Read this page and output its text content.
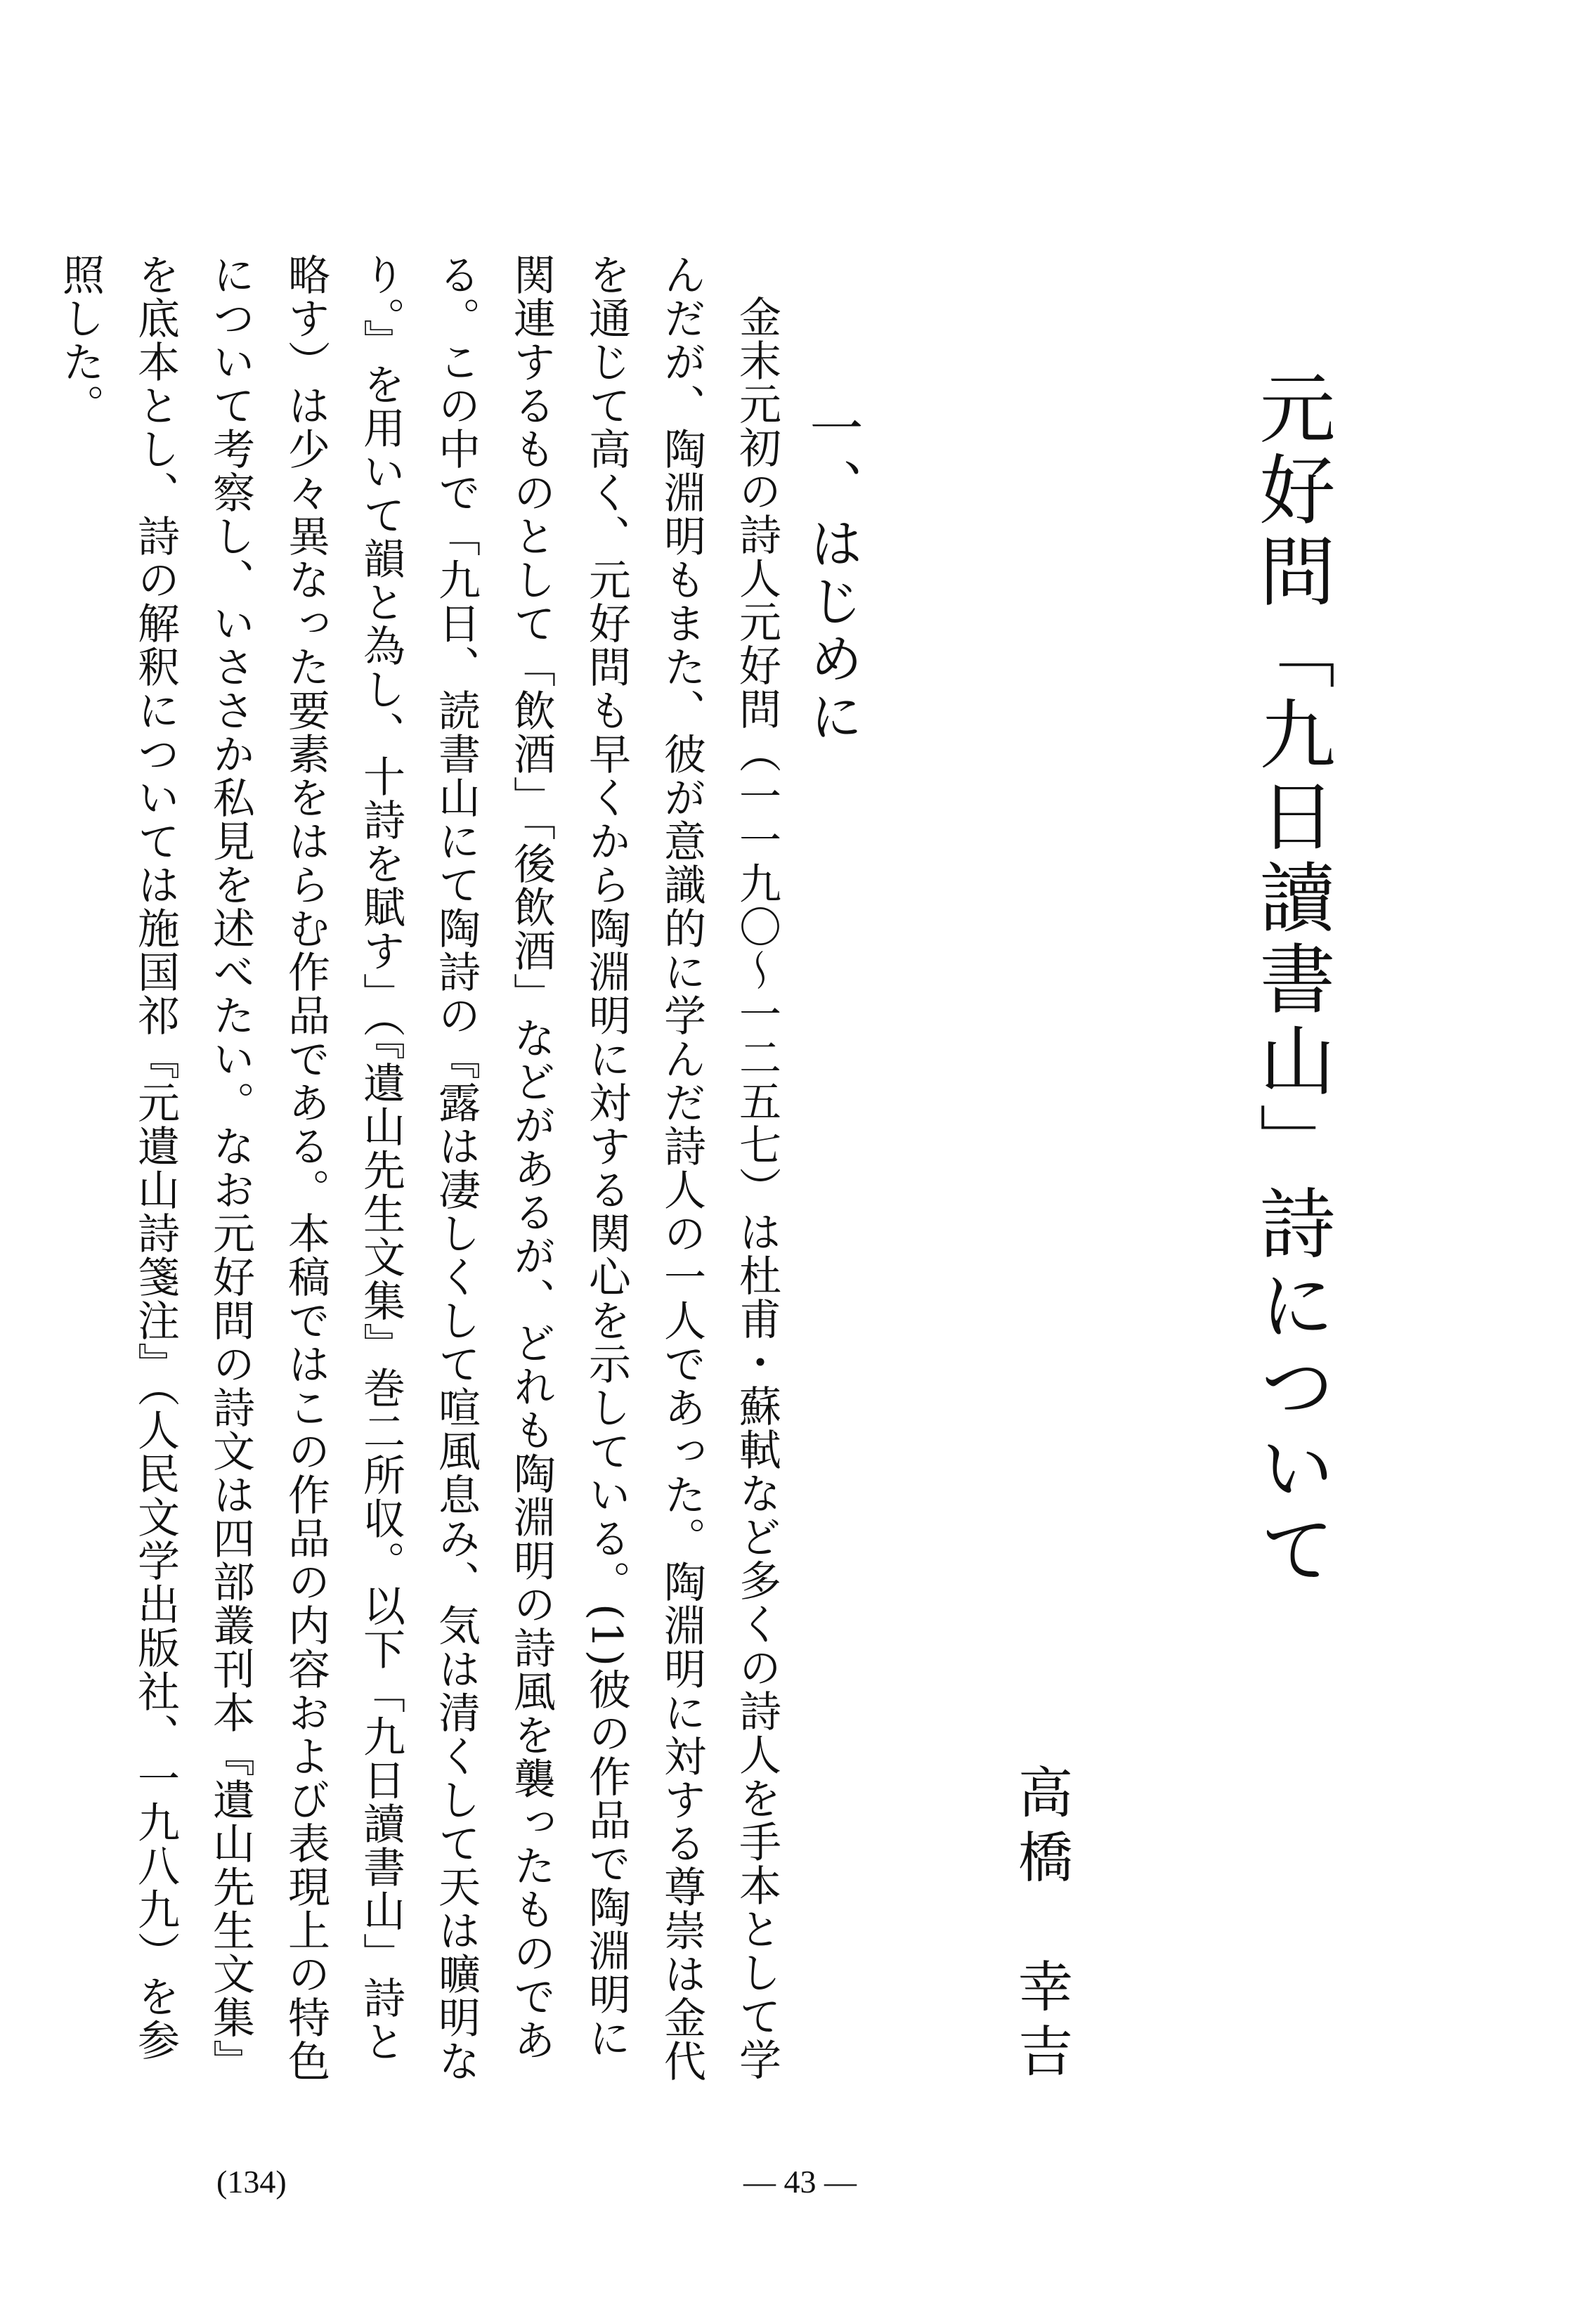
元好問「九日讀書山」詩について
高橋　幸吉
一、はじめに

金末元初の詩人元好問（一一九〇～一二五七）は杜甫・蘇軾など多くの詩人を手本として学んだが、陶淵明もまた、彼が意識的に学んだ詩人の一人であった。陶淵明に対する尊崇は金代を通じて高く、元好問も早くから陶淵明に対する関心を示している。(1)彼の作品で陶淵明に関連するものとして「飲酒」「後飲酒」などがあるが、どれも陶淵明の詩風を襲ったものである。この中で「九日、読書山にて陶詩の『露は凄しくして喧風息み、気は清くして天は曠明なり。』を用いて韻と為し、十詩を賦す」（『遺山先生文集』巻二所収。以下「九日讀書山」詩と略す）は少々異なった要素をはらむ作品である。本稿ではこの作品の内容および表現上の特色について考察し、いささか私見を述べたい。なお元好問の詩文は四部叢刊本『遺山先生文集』を底本とし、詩の解釈については施国祁『元遺山詩箋注』（人民文学出版社、一九八九）を参照した。

(134)	— 43 —
